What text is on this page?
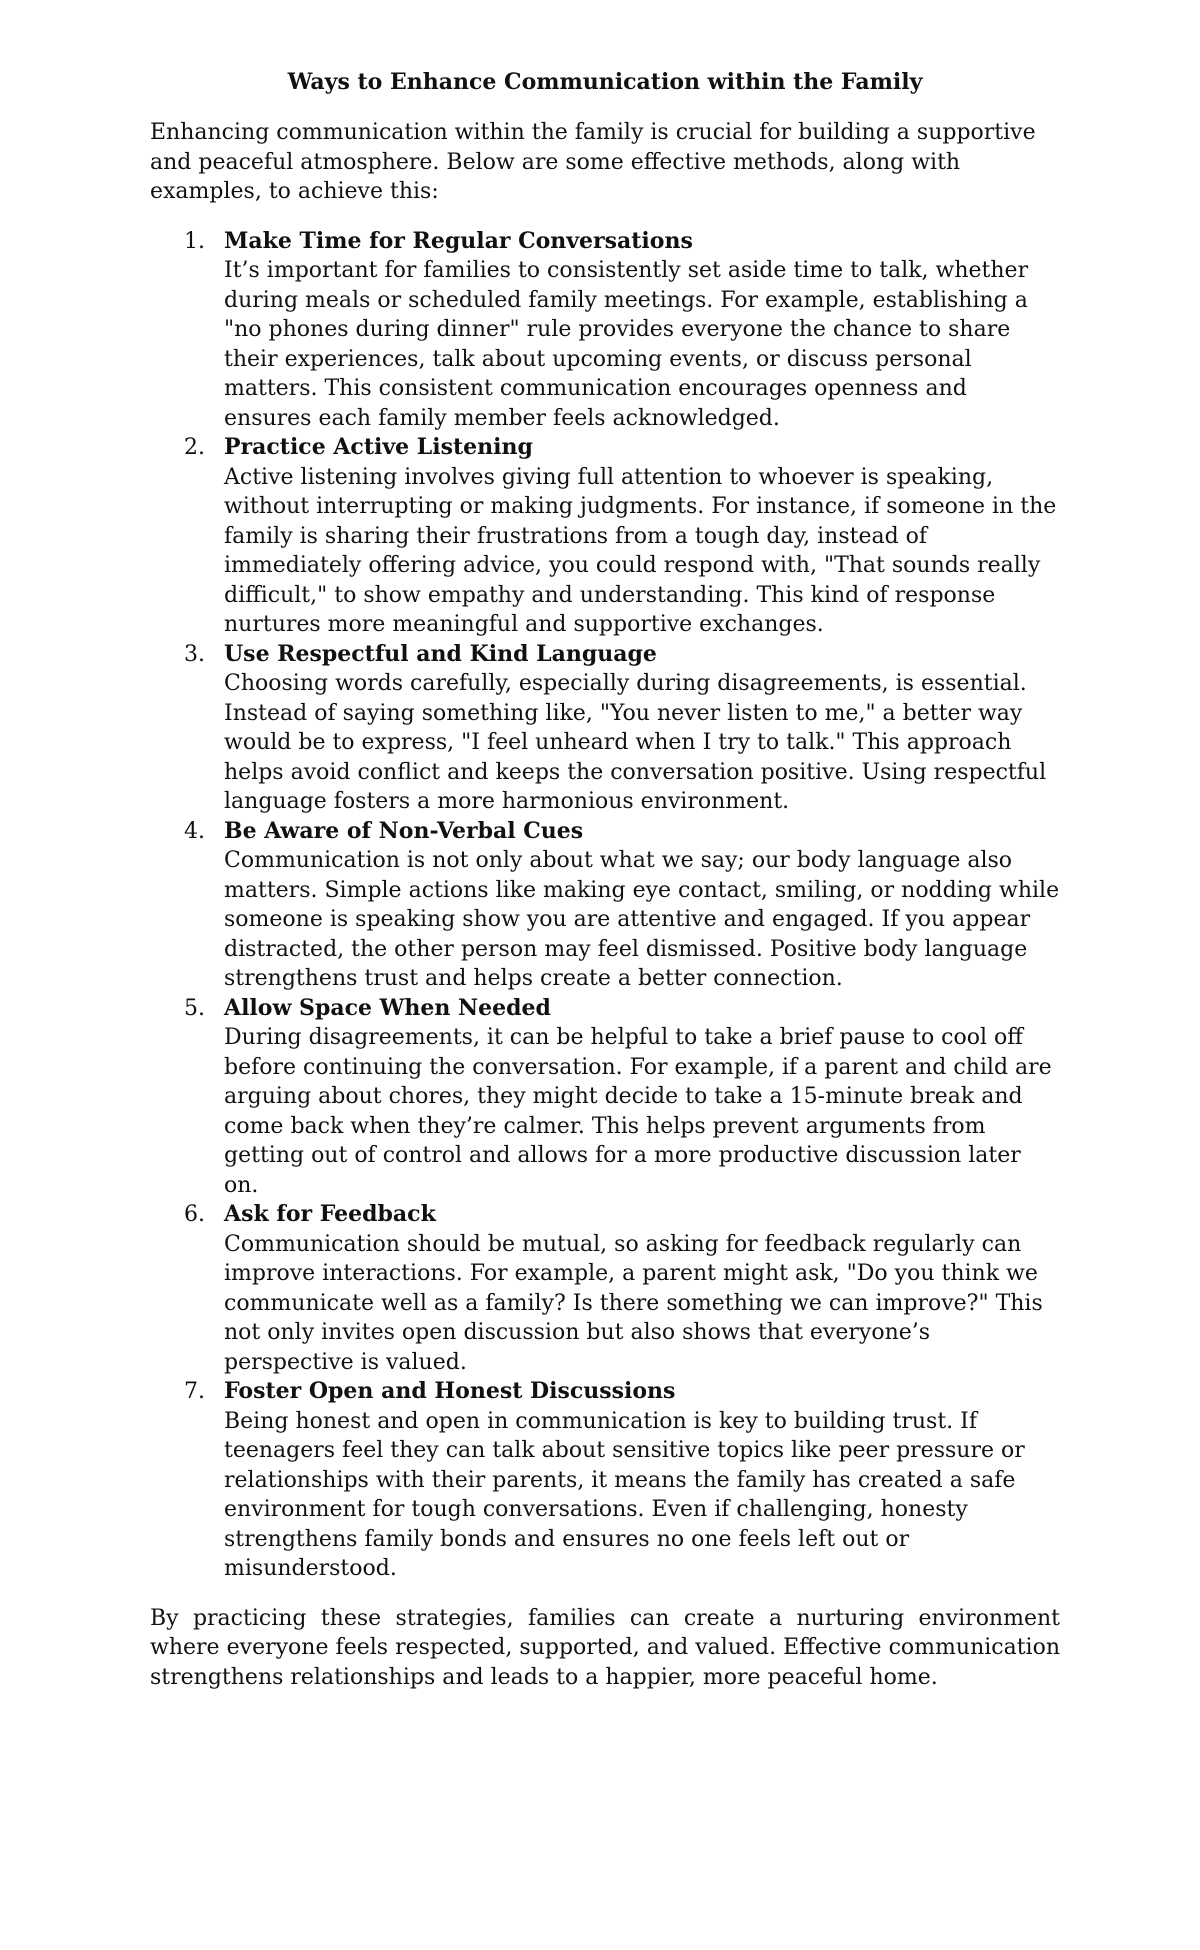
Ways to Enhance Communication within the Family

Enhancing communication within the family is crucial for building a supportive and peaceful atmosphere. Below are some effective methods, along with examples, to achieve this:

1. Make Time for Regular Conversations
It’s important for families to consistently set aside time to talk, whether during meals or scheduled family meetings. For example, establishing a "no phones during dinner" rule provides everyone the chance to share their experiences, talk about upcoming events, or discuss personal matters. This consistent communication encourages openness and ensures each family member feels acknowledged.
2. Practice Active Listening
Active listening involves giving full attention to whoever is speaking, without interrupting or making judgments. For instance, if someone in the family is sharing their frustrations from a tough day, instead of immediately offering advice, you could respond with, "That sounds really difficult," to show empathy and understanding. This kind of response nurtures more meaningful and supportive exchanges.
3. Use Respectful and Kind Language
Choosing words carefully, especially during disagreements, is essential. Instead of saying something like, "You never listen to me," a better way would be to express, "I feel unheard when I try to talk." This approach helps avoid conflict and keeps the conversation positive. Using respectful language fosters a more harmonious environment.
4. Be Aware of Non-Verbal Cues
Communication is not only about what we say; our body language also matters. Simple actions like making eye contact, smiling, or nodding while someone is speaking show you are attentive and engaged. If you appear distracted, the other person may feel dismissed. Positive body language strengthens trust and helps create a better connection.
5. Allow Space When Needed
During disagreements, it can be helpful to take a brief pause to cool off before continuing the conversation. For example, if a parent and child are arguing about chores, they might decide to take a 15-minute break and come back when they’re calmer. This helps prevent arguments from getting out of control and allows for a more productive discussion later on.
6. Ask for Feedback
Communication should be mutual, so asking for feedback regularly can improve interactions. For example, a parent might ask, "Do you think we communicate well as a family? Is there something we can improve?" This not only invites open discussion but also shows that everyone’s perspective is valued.
7. Foster Open and Honest Discussions
Being honest and open in communication is key to building trust. If teenagers feel they can talk about sensitive topics like peer pressure or relationships with their parents, it means the family has created a safe environment for tough conversations. Even if challenging, honesty strengthens family bonds and ensures no one feels left out or misunderstood.

By practicing these strategies, families can create a nurturing environment where everyone feels respected, supported, and valued. Effective communication strengthens relationships and leads to a happier, more peaceful home.
